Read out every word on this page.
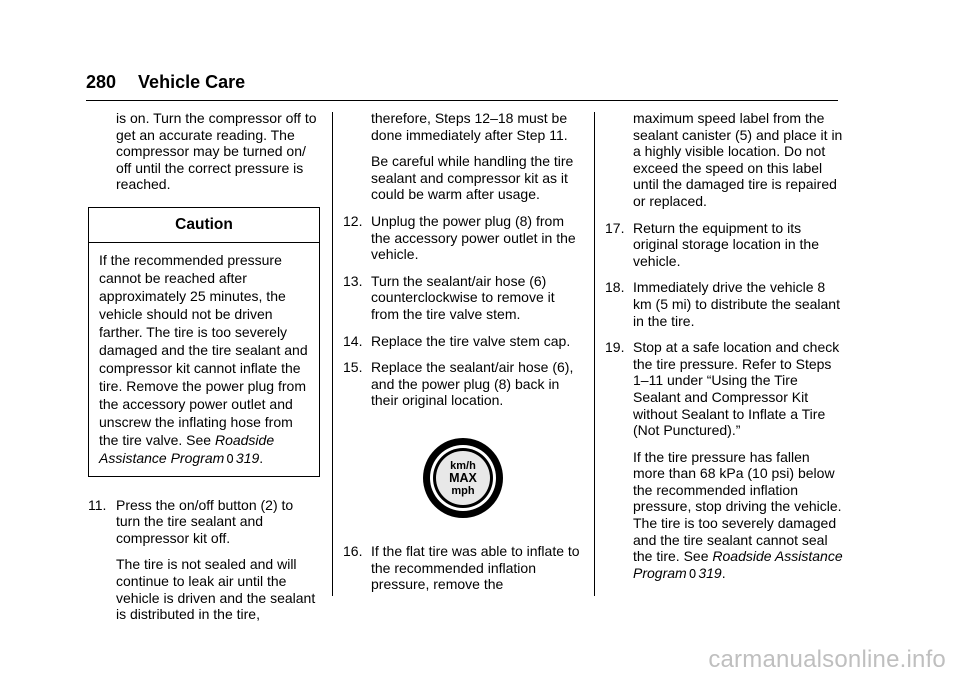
280 Vehicle Care

is on. Turn the compressor off to get an accurate reading. The compressor may be turned on/ off until the correct pressure is reached.

Caution
If the recommended pressure cannot be reached after approximately 25 minutes, the vehicle should not be driven farther. The tire is too severely damaged and the tire sealant and compressor kit cannot inflate the tire. Remove the power plug from the accessory power outlet and unscrew the inflating hose from the tire valve. See Roadside Assistance Program 0 319.
11. Press the on/off button (2) to turn the tire sealant and compressor kit off.

The tire is not sealed and will continue to leak air until the vehicle is driven and the sealant is distributed in the tire,

therefore, Steps 12–18 must be done immediately after Step 11.

Be careful while handling the tire sealant and compressor kit as it could be warm after usage.

12. Unplug the power plug (8) from the accessory power outlet in the vehicle.
13. Turn the sealant/air hose (6) counterclockwise to remove it from the tire valve stem.
14. Replace the tire valve stem cap.
15. Replace the sealant/air hose (6), and the power plug (8) back in their original location.
km/h
MAX
mph
16. If the flat tire was able to inflate to the recommended inflation pressure, remove the

maximum speed label from the sealant canister (5) and place it in a highly visible location. Do not exceed the speed on this label until the damaged tire is repaired or replaced.

17. Return the equipment to its original storage location in the vehicle.
18. Immediately drive the vehicle 8 km (5 mi) to distribute the sealant in the tire.
19. Stop at a safe location and check the tire pressure. Refer to Steps 1–11 under “Using the Tire Sealant and Compressor Kit without Sealant to Inflate a Tire (Not Punctured).”

If the tire pressure has fallen more than 68 kPa (10 psi) below the recommended inflation pressure, stop driving the vehicle. The tire is too severely damaged and the tire sealant cannot seal the tire. See Roadside Assistance Program 0 319.

carmanualsonline.info
